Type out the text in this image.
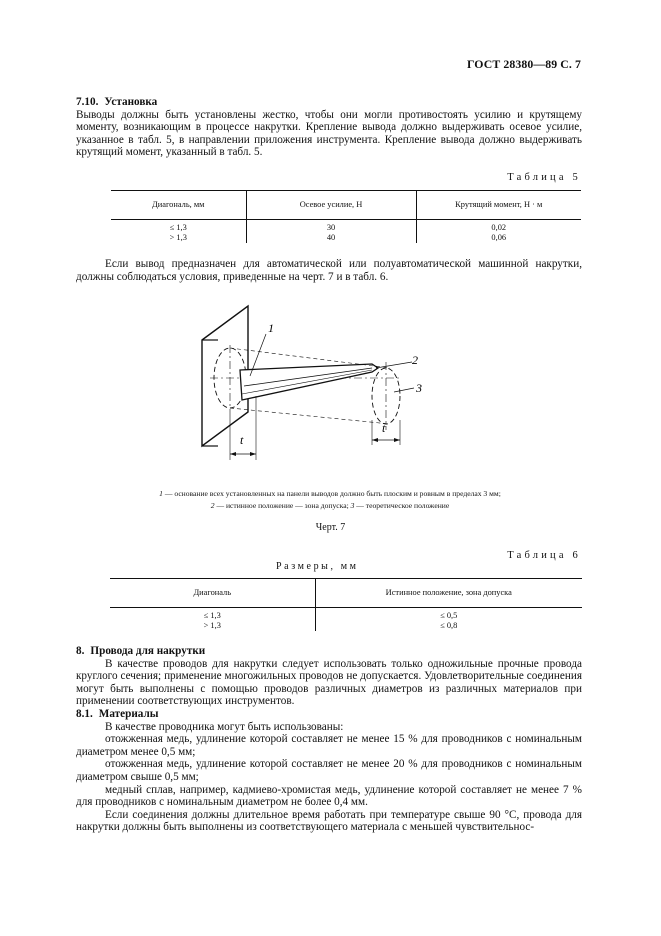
ГОСТ 28380—89 С. 7
7.10. Установка

Выводы должны быть установлены жестко, чтобы они могли противостоять усилию и крутящему моменту, возникающим в процессе накрутки. Крепление вывода должно выдерживать осевое усилие, указанное в табл. 5, в направлении приложения инструмента. Крепление вывода должно выдерживать крутящий момент, указанный в табл. 5.

Таблица 5
Диагональ, мм	Осевое усилие, Н	Крутящий момент, Н · м
≤ 1,3	30	0,02
> 1,3	40	0,06

Если вывод предназначен для автоматической или полуавтоматической машинной накрутки, должны соблюдаться условия, приведенные на черт. 7 и в табл. 6.

1
2
3
t
t
1 — основание всех установленных на панели выводов должно быть плоским и ровным в пределах 3 мм;
2 — истинное положение — зона допуска; 3 — теоретическое положение
Черт. 7
Таблица 6
Размеры, мм
Диагональ	Истинное положение, зона допуска
≤ 1,3	≤ 0,5
> 1,3	≤ 0,8
8. Провода для накрутки

В качестве проводов для накрутки следует использовать только одножильные прочные провода круглого сечения; применение многожильных проводов не допускается. Удовлетворительные соединения могут быть выполнены с помощью проводов различных диаметров из различных материалов при применении соответствующих инструментов.

8.1. Материалы

В качестве проводника могут быть использованы:

отожженная медь, удлинение которой составляет не менее 15 % для проводников с номинальным диаметром менее 0,5 мм;

отожженная медь, удлинение которой составляет не менее 20 % для проводников с номинальным диаметром свыше 0,5 мм;

медный сплав, например, кадмиево-хромистая медь, удлинение которой составляет не менее 7 % для проводников с номинальным диаметром не более 0,4 мм.

Если соединения должны длительное время работать при температуре свыше 90 °С, провода для накрутки должны быть выполнены из соответствующего материала с меньшей чувствительнос-
